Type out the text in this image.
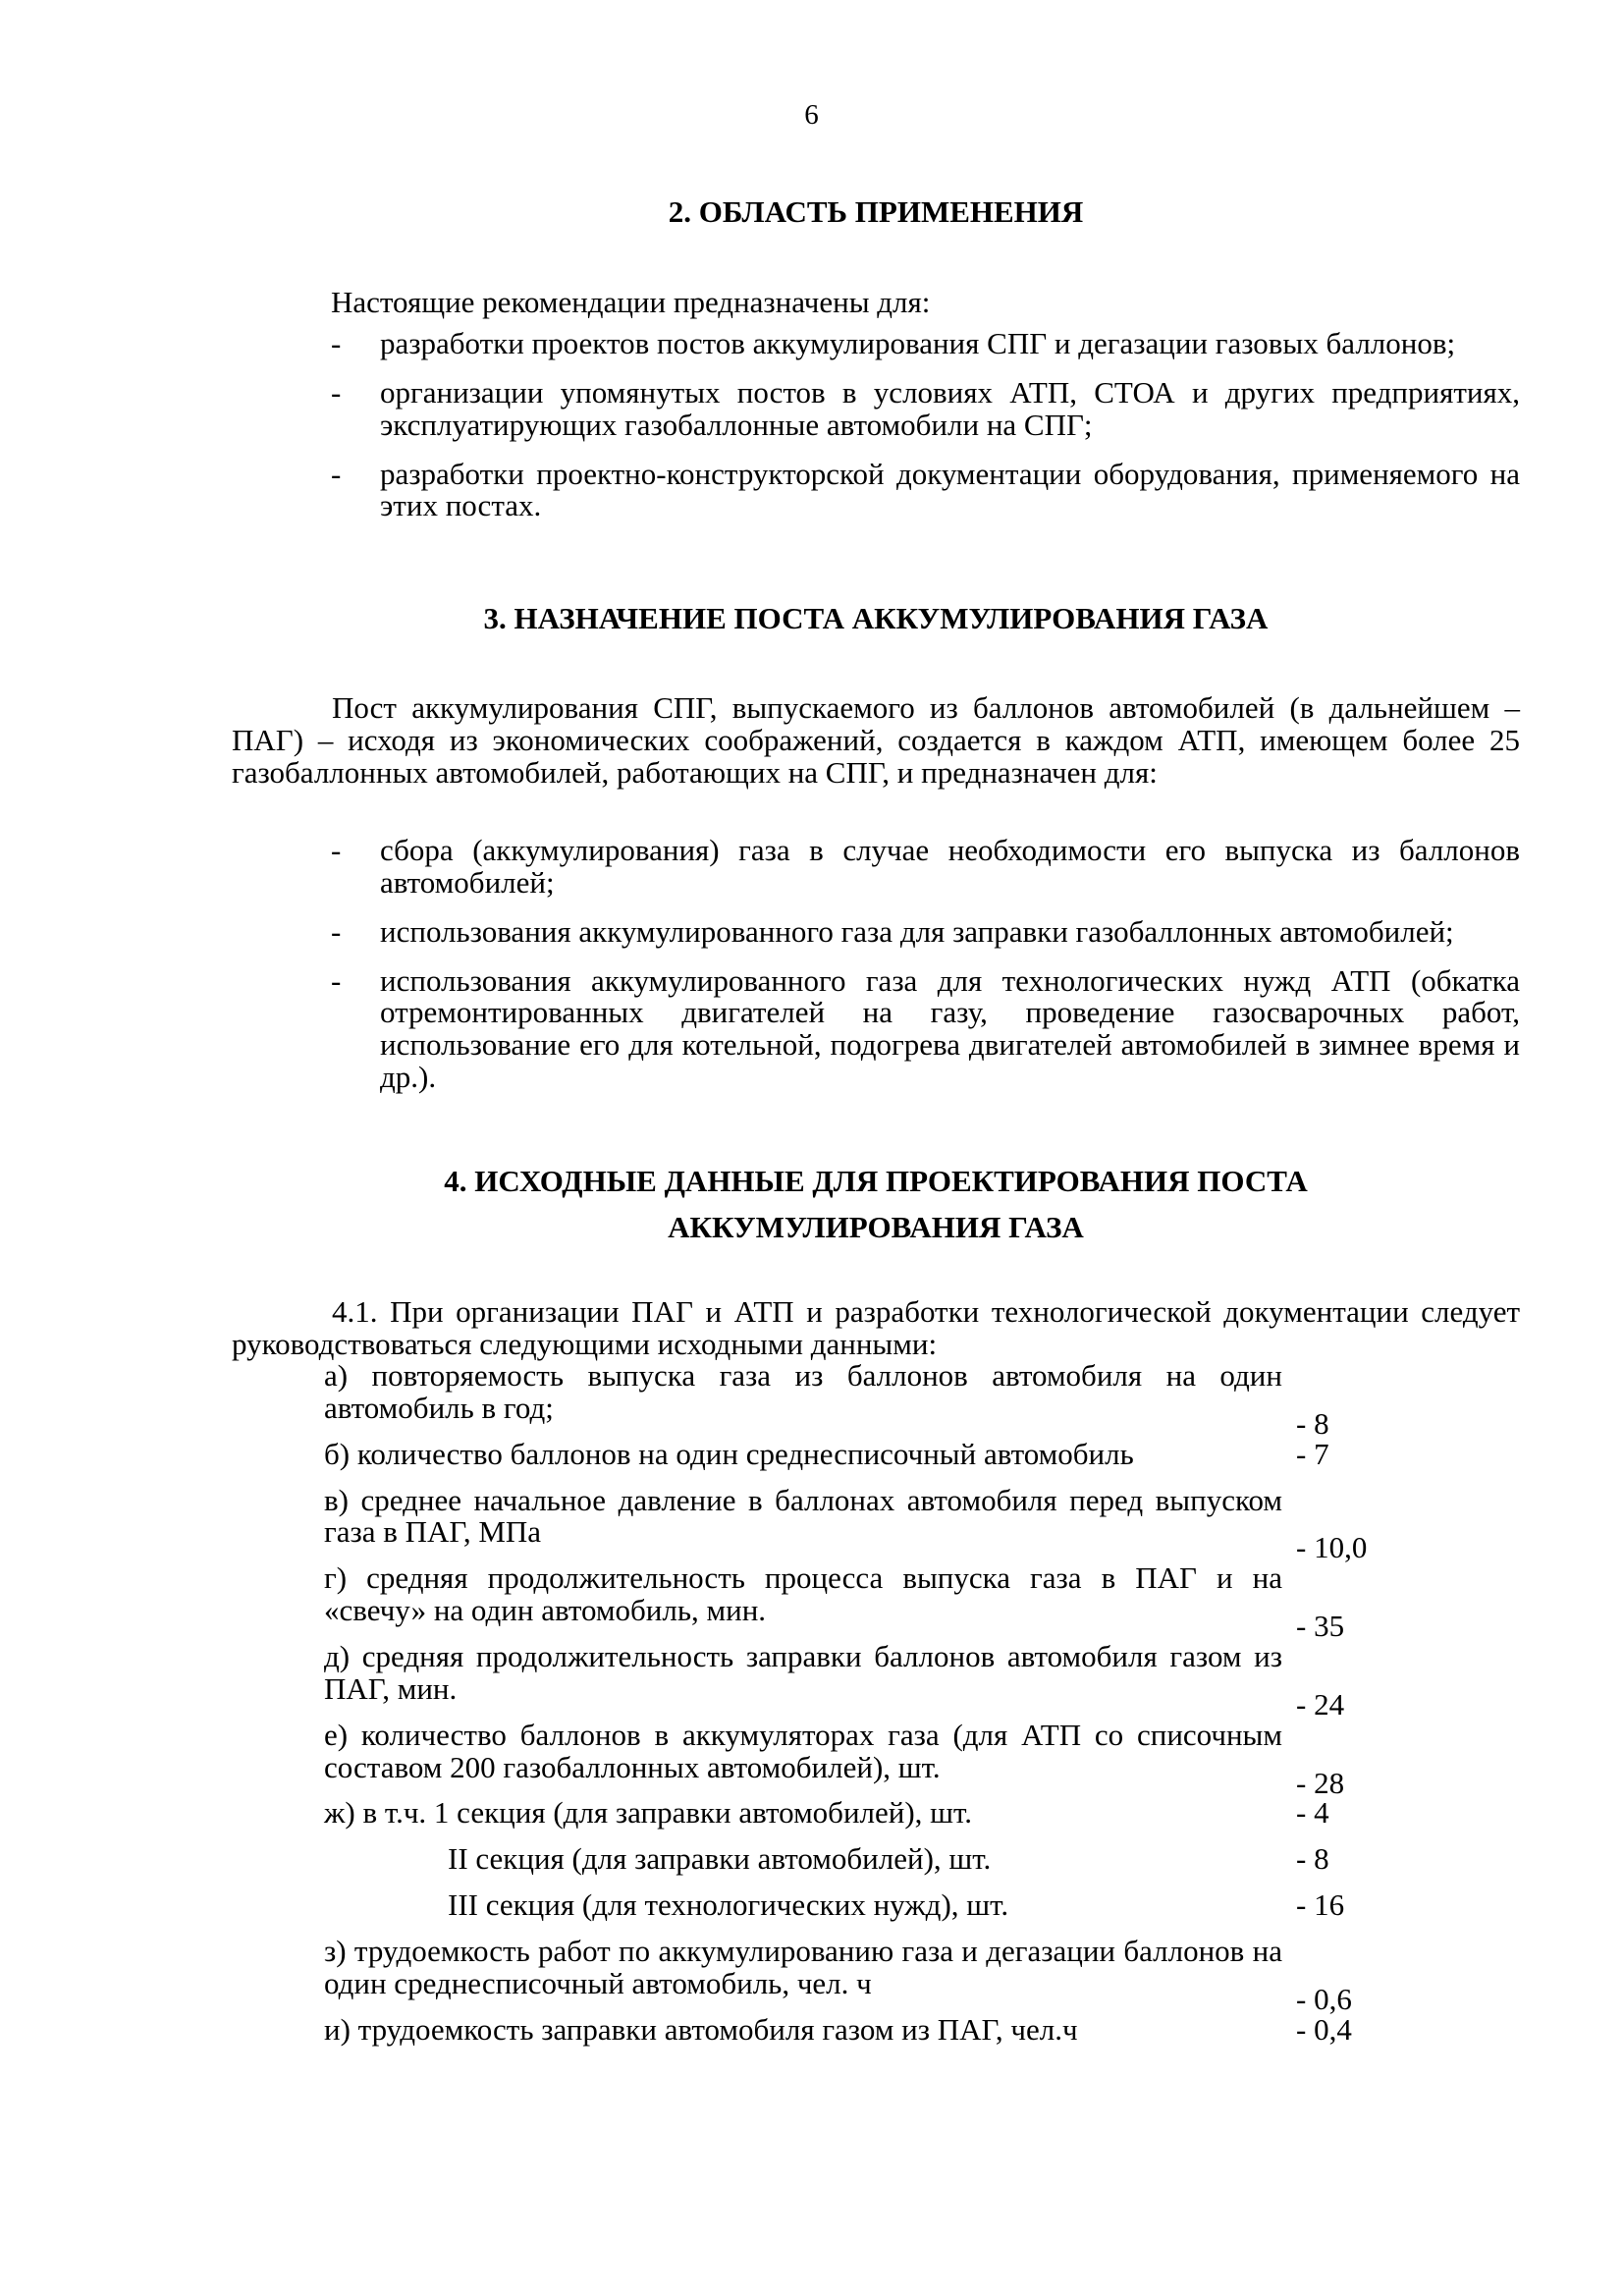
6
2. ОБЛАСТЬ ПРИМЕНЕНИЯ
Настоящие рекомендации предназначены для:
- разработки проектов постов аккумулирования СПГ и дегазации газовых баллонов;
- организации упомянутых постов в условиях АТП, СТОА и других предприятиях, эксплуатирующих газобаллонные автомобили на СПГ;
- разработки проектно-конструкторской документации оборудования, применяемого на этих постах.
3. НАЗНАЧЕНИЕ ПОСТА АККУМУЛИРОВАНИЯ ГАЗА
Пост аккумулирования СПГ, выпускаемого из баллонов автомобилей (в дальнейшем – ПАГ) – исходя из экономических соображений, создается в каждом АТП, имеющем более 25 газобаллонных автомобилей, работающих на СПГ, и предназначен для:
- сбора (аккумулирования) газа в случае необходимости его выпуска из баллонов автомобилей;
- использования аккумулированного газа для заправки газобаллонных автомобилей;
- использования аккумулированного газа для технологических нужд АТП (обкатка отремонтированных двигателей на газу, проведение газосварочных работ, использование его для котельной, подогрева двигателей автомобилей в зимнее время и др.).
4. ИСХОДНЫЕ ДАННЫЕ ДЛЯ ПРОЕКТИРОВАНИЯ ПОСТА
АККУМУЛИРОВАНИЯ ГАЗА
4.1. При организации ПАГ и АТП и разработки технологической документации следует руководствоваться следующими исходными данными:
а) повторяемость выпуска газа из баллонов автомобиля на один автомобиль в год;	- 8
б) количество баллонов на один среднесписочный автомобиль	- 7
в) среднее начальное давление в баллонах автомобиля перед выпуском газа в ПАГ, МПа	- 10,0
г) средняя продолжительность процесса выпуска газа в ПАГ и на «свечу» на один автомобиль, мин.	- 35
д) средняя продолжительность заправки баллонов автомобиля газом из ПАГ, мин.	- 24
е) количество баллонов в аккумуляторах газа (для АТП со списочным составом 200 газобаллонных автомобилей), шт.	- 28
ж) в т.ч. 1 секция (для заправки автомобилей), шт.	- 4
II секция (для заправки автомобилей), шт.	- 8
III секция (для технологических нужд), шт.	- 16
з) трудоемкость работ по аккумулированию газа и дегазации баллонов на один среднесписочный автомобиль, чел. ч	- 0,6
и) трудоемкость заправки автомобиля газом из ПАГ, чел.ч	- 0,4
